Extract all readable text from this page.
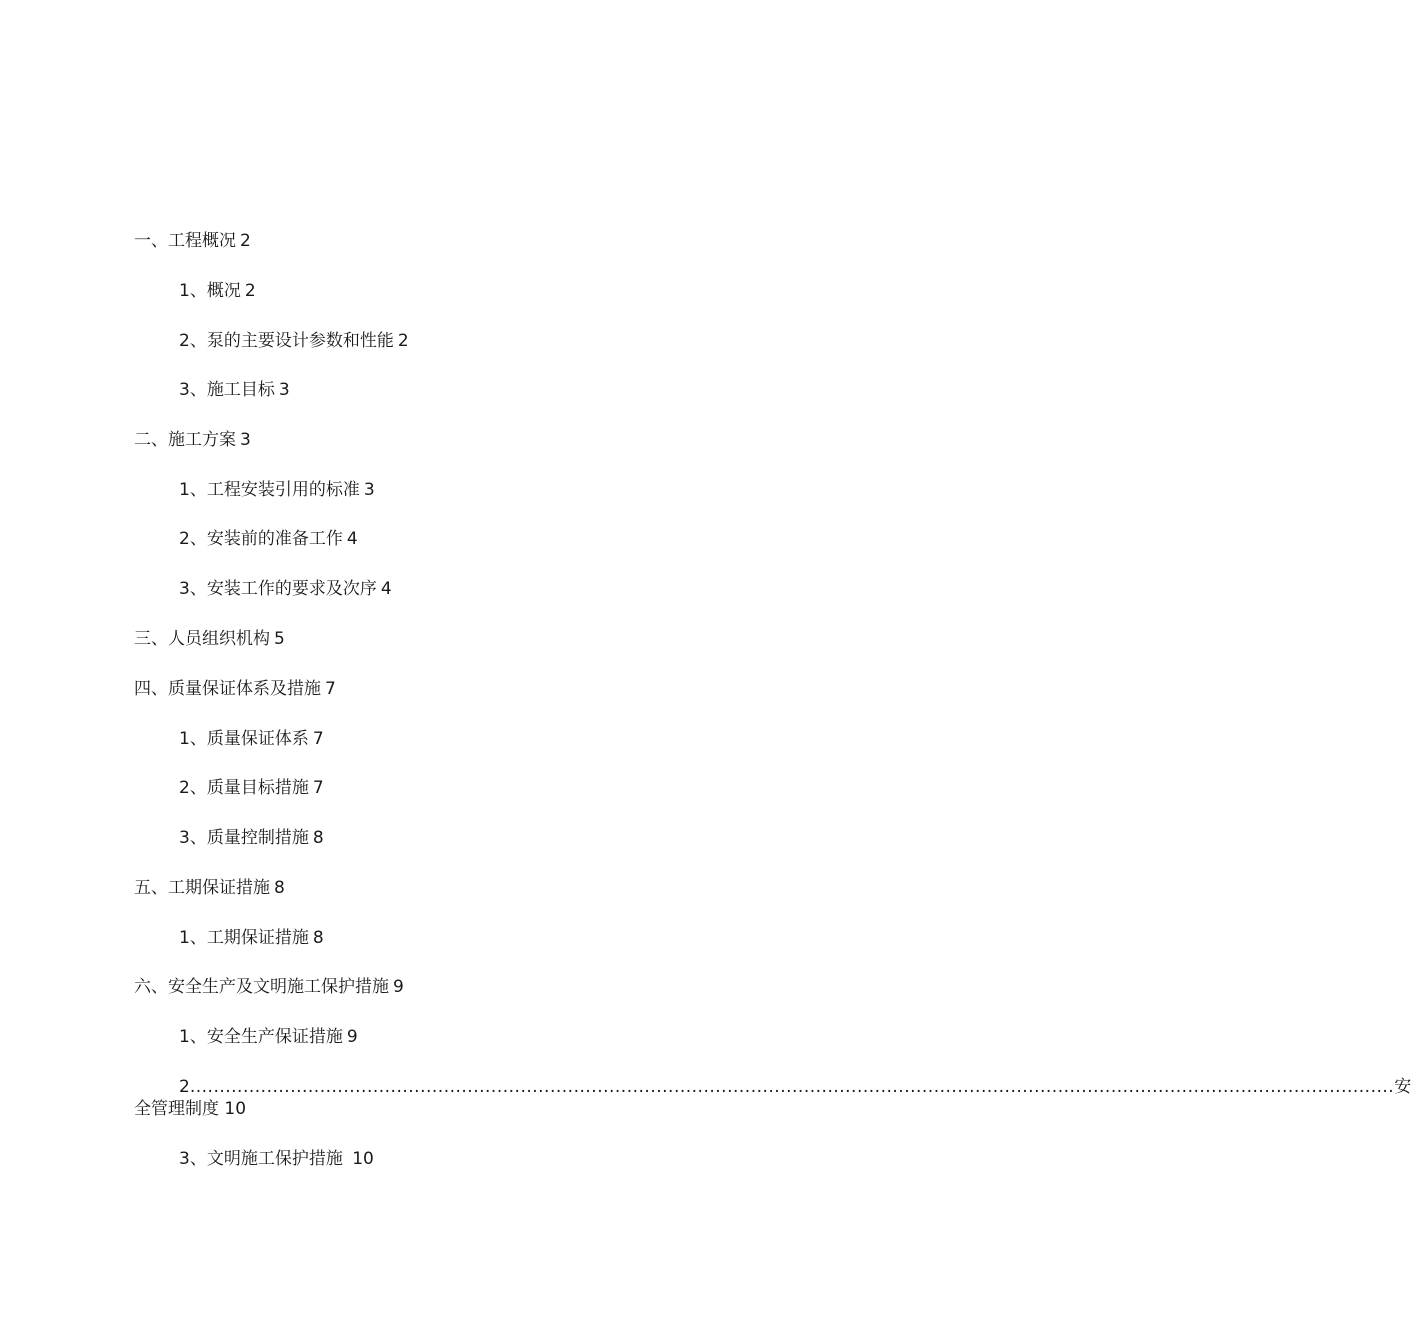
一、工程概况 2
1、概况 2
2、泵的主要设计参数和性能 2
3、施工目标 3
二、施工方案 3
1、工程安装引用的标准 3
2、安装前的准备工作 4
3、安装工作的要求及次序 4
三、人员组织机构 5
四、质量保证体系及措施 7
1、质量保证体系 7
2、质量目标措施 7
3、质量控制措施 8
五、工期保证措施 8
1、工期保证措施 8
六、安全生产及文明施工保护措施 9
1、安全生产保证措施 9
2 ............................................................................................................................................................................................................ 安
全管理制度 10
3、文明施工保护措施 10
